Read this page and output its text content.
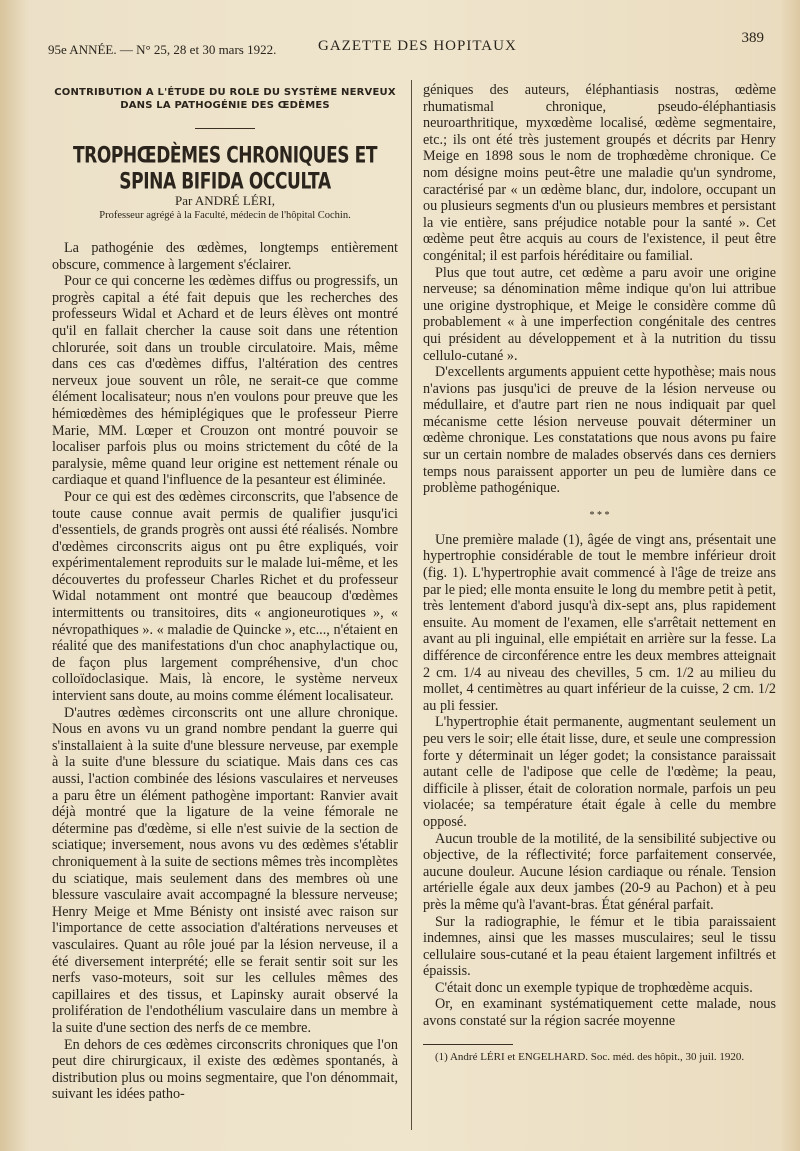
95e ANNÉE. — N° 25, 28 et 30 mars 1922.	GAZETTE DES HOPITAUX	389
CONTRIBUTION A L'ÉTUDE DU ROLE DU SYSTÈME NERVEUX DANS LA PATHOGÉNIE DES ŒDÈMES
TROPHŒDÈMES CHRONIQUES ET SPINA BIFIDA OCCULTA
Par ANDRÉ LÉRI,
Professeur agrégé à la Faculté, médecin de l'hôpital Cochin.

La pathogénie des œdèmes, longtemps entièrement obscure, commence à largement s'éclairer.

Pour ce qui concerne les œdèmes diffus ou progressifs, un progrès capital a été fait depuis que les recherches des professeurs Widal et Achard et de leurs élèves ont montré qu'il en fallait chercher la cause soit dans une rétention chlorurée, soit dans un trouble circulatoire. Mais, même dans ces cas d'œdèmes diffus, l'altération des centres nerveux joue souvent un rôle, ne serait-ce que comme élément localisateur; nous n'en voulons pour preuve que les hémiœdèmes des hémiplégiques que le professeur Pierre Marie, MM. Lœper et Crouzon ont montré pouvoir se localiser parfois plus ou moins strictement du côté de la paralysie, même quand leur origine est nettement rénale ou cardiaque et quand l'influence de la pesanteur est éliminée.

Pour ce qui est des œdèmes circonscrits, que l'absence de toute cause connue avait permis de qualifier jusqu'ici d'essentiels, de grands progrès ont aussi été réalisés. Nombre d'œdèmes circonscrits aigus ont pu être expliqués, voir expérimentalement reproduits sur le malade lui-même, et les découvertes du professeur Charles Richet et du professeur Widal notamment ont montré que beaucoup d'œdèmes intermittents ou transitoires, dits « angioneurotiques », « névropathiques ». « maladie de Quincke », etc..., n'étaient en réalité que des manifestations d'un choc anaphylactique ou, de façon plus largement compréhensive, d'un choc colloïdoclasique. Mais, là encore, le système nerveux intervient sans doute, au moins comme élément localisateur.

D'autres œdèmes circonscrits ont une allure chronique. Nous en avons vu un grand nombre pendant la guerre qui s'installaient à la suite d'une blessure nerveuse, par exemple à la suite d'une blessure du sciatique. Mais dans ces cas aussi, l'action combinée des lésions vasculaires et nerveuses a paru être un élément pathogène important: Ranvier avait déjà montré que la ligature de la veine fémorale ne détermine pas d'œdème, si elle n'est suivie de la section de sciatique; inversement, nous avons vu des œdèmes s'établir chroniquement à la suite de sections mêmes très incomplètes du sciatique, mais seulement dans des membres où une blessure vasculaire avait accompagné la blessure nerveuse; Henry Meige et Mme Bénisty ont insisté avec raison sur l'importance de cette association d'altérations nerveuses et vasculaires. Quant au rôle joué par la lésion nerveuse, il a été diversement interprété; elle se ferait sentir soit sur les nerfs vaso-moteurs, soit sur les cellules mêmes des capillaires et des tissus, et Lapinsky aurait observé la prolifération de l'endothélium vasculaire dans un membre à la suite d'une section des nerfs de ce membre.

En dehors de ces œdèmes circonscrits chroniques que l'on peut dire chirurgicaux, il existe des œdèmes spontanés, à distribution plus ou moins segmentaire, que l'on dénommait, suivant les idées patho-

géniques des auteurs, éléphantiasis nostras, œdème rhumatismal chronique, pseudo-éléphantiasis neuroarthritique, myxœdème localisé, œdème segmentaire, etc.; ils ont été très justement groupés et décrits par Henry Meige en 1898 sous le nom de trophœdème chronique. Ce nom désigne moins peut-être une maladie qu'un syndrome, caractérisé par « un œdème blanc, dur, indolore, occupant un ou plusieurs segments d'un ou plusieurs membres et persistant la vie entière, sans préjudice notable pour la santé ». Cet œdème peut être acquis au cours de l'existence, il peut être congénital; il est parfois héréditaire ou familial.

Plus que tout autre, cet œdème a paru avoir une origine nerveuse; sa dénomination même indique qu'on lui attribue une origine dystrophique, et Meige le considère comme dû probablement « à une imperfection congénitale des centres qui président au développement et à la nutrition du tissu cellulo-cutané ».

D'excellents arguments appuient cette hypothèse; mais nous n'avions pas jusqu'ici de preuve de la lésion nerveuse ou médullaire, et d'autre part rien ne nous indiquait par quel mécanisme cette lésion nerveuse pouvait déterminer un œdème chronique. Les constatations que nous avons pu faire sur un certain nombre de malades observés dans ces derniers temps nous paraissent apporter un peu de lumière dans ce problème pathogénique.

* * *

Une première malade (1), âgée de vingt ans, présentait une hypertrophie considérable de tout le membre inférieur droit (fig. 1). L'hypertrophie avait commencé à l'âge de treize ans par le pied; elle monta ensuite le long du membre petit à petit, très lentement d'abord jusqu'à dix-sept ans, plus rapidement ensuite. Au moment de l'examen, elle s'arrêtait nettement en avant au pli inguinal, elle empiétait en arrière sur la fesse. La différence de circonférence entre les deux membres atteignait 2 cm. 1/4 au niveau des chevilles, 5 cm. 1/2 au milieu du mollet, 4 centimètres au quart inférieur de la cuisse, 2 cm. 1/2 au pli fessier.

L'hypertrophie était permanente, augmentant seulement un peu vers le soir; elle était lisse, dure, et seule une compression forte y déterminait un léger godet; la consistance paraissait autant celle de l'adipose que celle de l'œdème; la peau, difficile à plisser, était de coloration normale, parfois un peu violacée; sa température était égale à celle du membre opposé.

Aucun trouble de la motilité, de la sensibilité subjective ou objective, de la réflectivité; force parfaitement conservée, aucune douleur. Aucune lésion cardiaque ou rénale. Tension artérielle égale aux deux jambes (20-9 au Pachon) et à peu près la même qu'à l'avant-bras. État général parfait.

Sur la radiographie, le fémur et le tibia paraissaient indemnes, ainsi que les masses musculaires; seul le tissu cellulaire sous-cutané et la peau étaient largement infiltrés et épaissis.

C'était donc un exemple typique de trophœdème acquis.

Or, en examinant systématiquement cette malade, nous avons constaté sur la région sacrée moyenne

(1) André LÉRI et ENGELHARD. Soc. méd. des hôpit., 30 juil. 1920.
